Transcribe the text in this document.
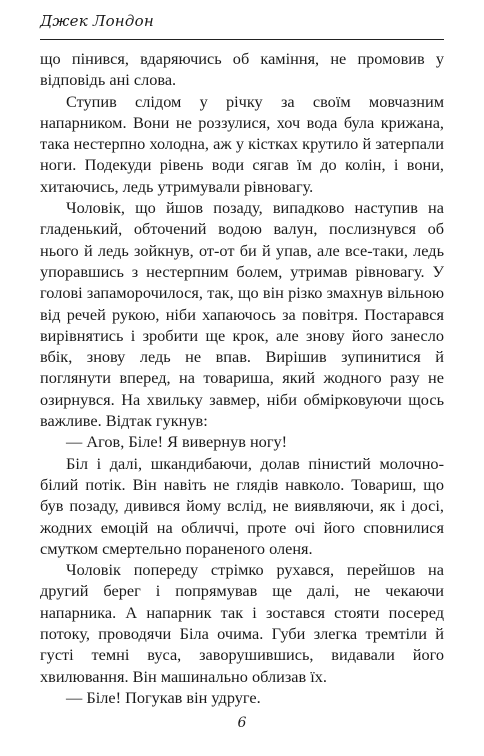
Джек Лондон

що пінився, вдаряючись об каміння, не промовив у відповідь ані слова.

Ступив слідом у річку за своїм мовчазним напарником. Вони не роззулися, хоч вода була крижана, така нестерпно холодна, аж у кістках крутило й затерпали ноги. Подекуди рівень води сягав їм до колін, і вони, хитаючись, ледь утримували рівновагу.

Чоловік, що йшов позаду, випадково наступив на гладенький, обточений водою валун, послизнувся об нього й ледь зойкнув, от-от би й упав, але все-таки, ледь упоравшись з нестерпним болем, утримав рівновагу. У голові запаморочилося, так, що він різко змахнув вільною від речей рукою, ніби хапаючось за повітря. Постарався вирівнятись і зробити ще крок, але знову його занесло вбік, знову ледь не впав. Вирішив зупинитися й поглянути вперед, на товариша, який жодного разу не озирнувся. На хвильку завмер, ніби обмірковуючи щось важливе. Відтак гукнув:

— Агов, Біле! Я вивернув ногу!

Біл і далі, шкандибаючи, долав пінистий молочно-білий потік. Він навіть не глядів навколо. Товариш, що був позаду, дивився йому вслід, не виявляючи, як і досі, жодних емоцій на обличчі, проте очі його сповнилися смутком смертельно пораненого оленя.

Чоловік попереду стрімко рухався, перейшов на другий берег і попрямував ще далі, не чекаючи напарника. А напарник так і зостався стояти посеред потоку, проводячи Біла очима. Губи злегка тремтіли й густі темні вуса, заворушившись, видавали його хвилювання. Він машинально облизав їх.

— Біле! Погукав він удруге.

6
